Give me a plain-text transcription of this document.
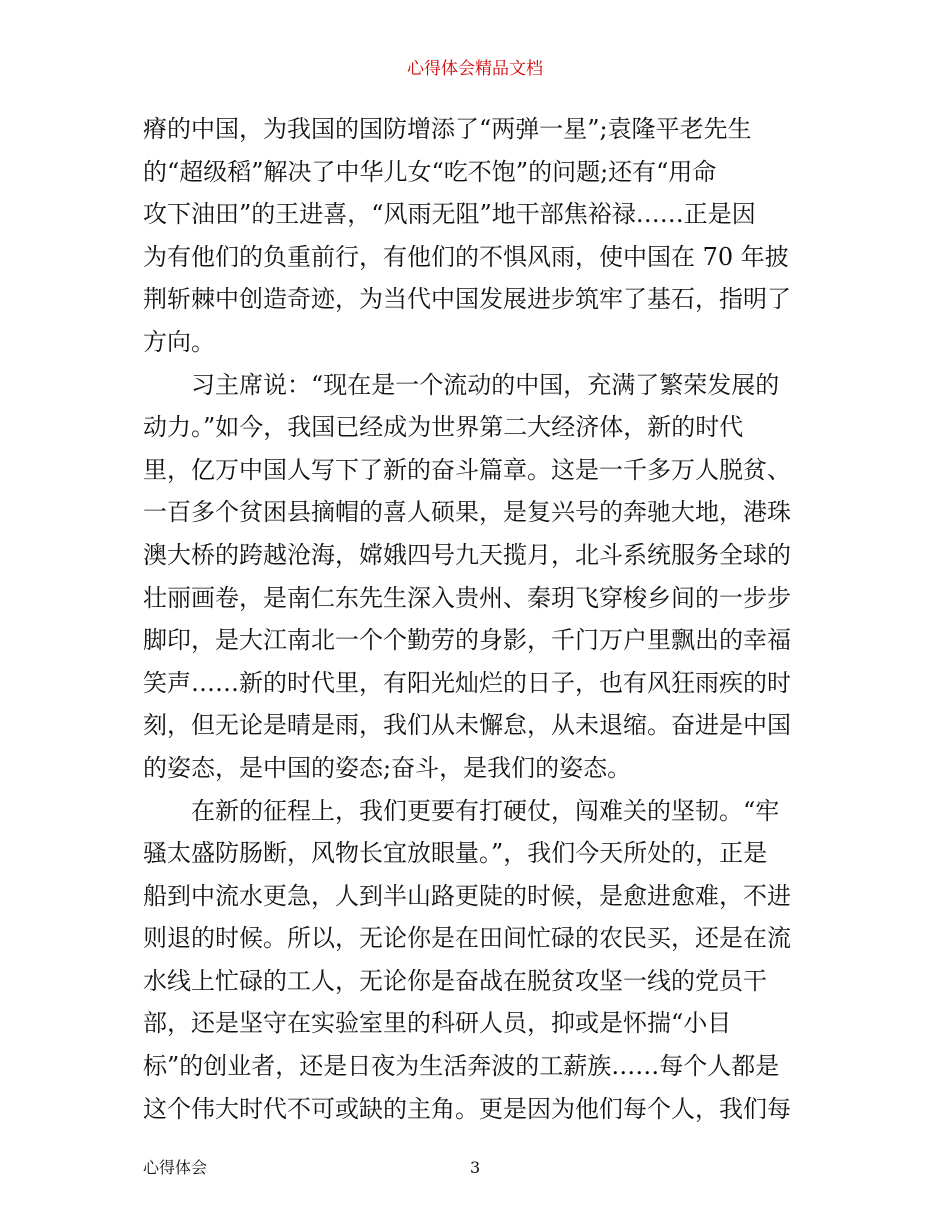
心得体会精品文档
瘠的中国，为我国的国防增添了“两弹一星”;袁隆平老先生
的“超级稻”解决了中华儿女“吃不饱”的问题;还有“用命
攻下油田”的王进喜，“风雨无阻”地干部焦裕禄……正是因
为有他们的负重前行，有他们的不惧风雨，使中国在 70 年披
荆斩棘中创造奇迹，为当代中国发展进步筑牢了基石，指明了
方向。
　　习主席说：“现在是一个流动的中国，充满了繁荣发展的
动力。”如今，我国已经成为世界第二大经济体，新的时代
里，亿万中国人写下了新的奋斗篇章。这是一千多万人脱贫、
一百多个贫困县摘帽的喜人硕果，是复兴号的奔驰大地，港珠
澳大桥的跨越沧海，嫦娥四号九天揽月，北斗系统服务全球的
壮丽画卷，是南仁东先生深入贵州、秦玥飞穿梭乡间的一步步
脚印，是大江南北一个个勤劳的身影，千门万户里飘出的幸福
笑声……新的时代里，有阳光灿烂的日子，也有风狂雨疾的时
刻，但无论是晴是雨，我们从未懈怠，从未退缩。奋进是中国
的姿态，是中国的姿态;奋斗，是我们的姿态。
　　在新的征程上，我们更要有打硬仗，闯难关的坚韧。“牢
骚太盛防肠断，风物长宜放眼量。”，我们今天所处的，正是
船到中流水更急，人到半山路更陡的时候，是愈进愈难，不进
则退的时候。所以，无论你是在田间忙碌的农民买，还是在流
水线上忙碌的工人，无论你是奋战在脱贫攻坚一线的党员干
部，还是坚守在实验室里的科研人员，抑或是怀揣“小目
标”的创业者，还是日夜为生活奔波的工薪族……每个人都是
这个伟大时代不可或缺的主角。更是因为他们每个人，我们每
心得体会	3
